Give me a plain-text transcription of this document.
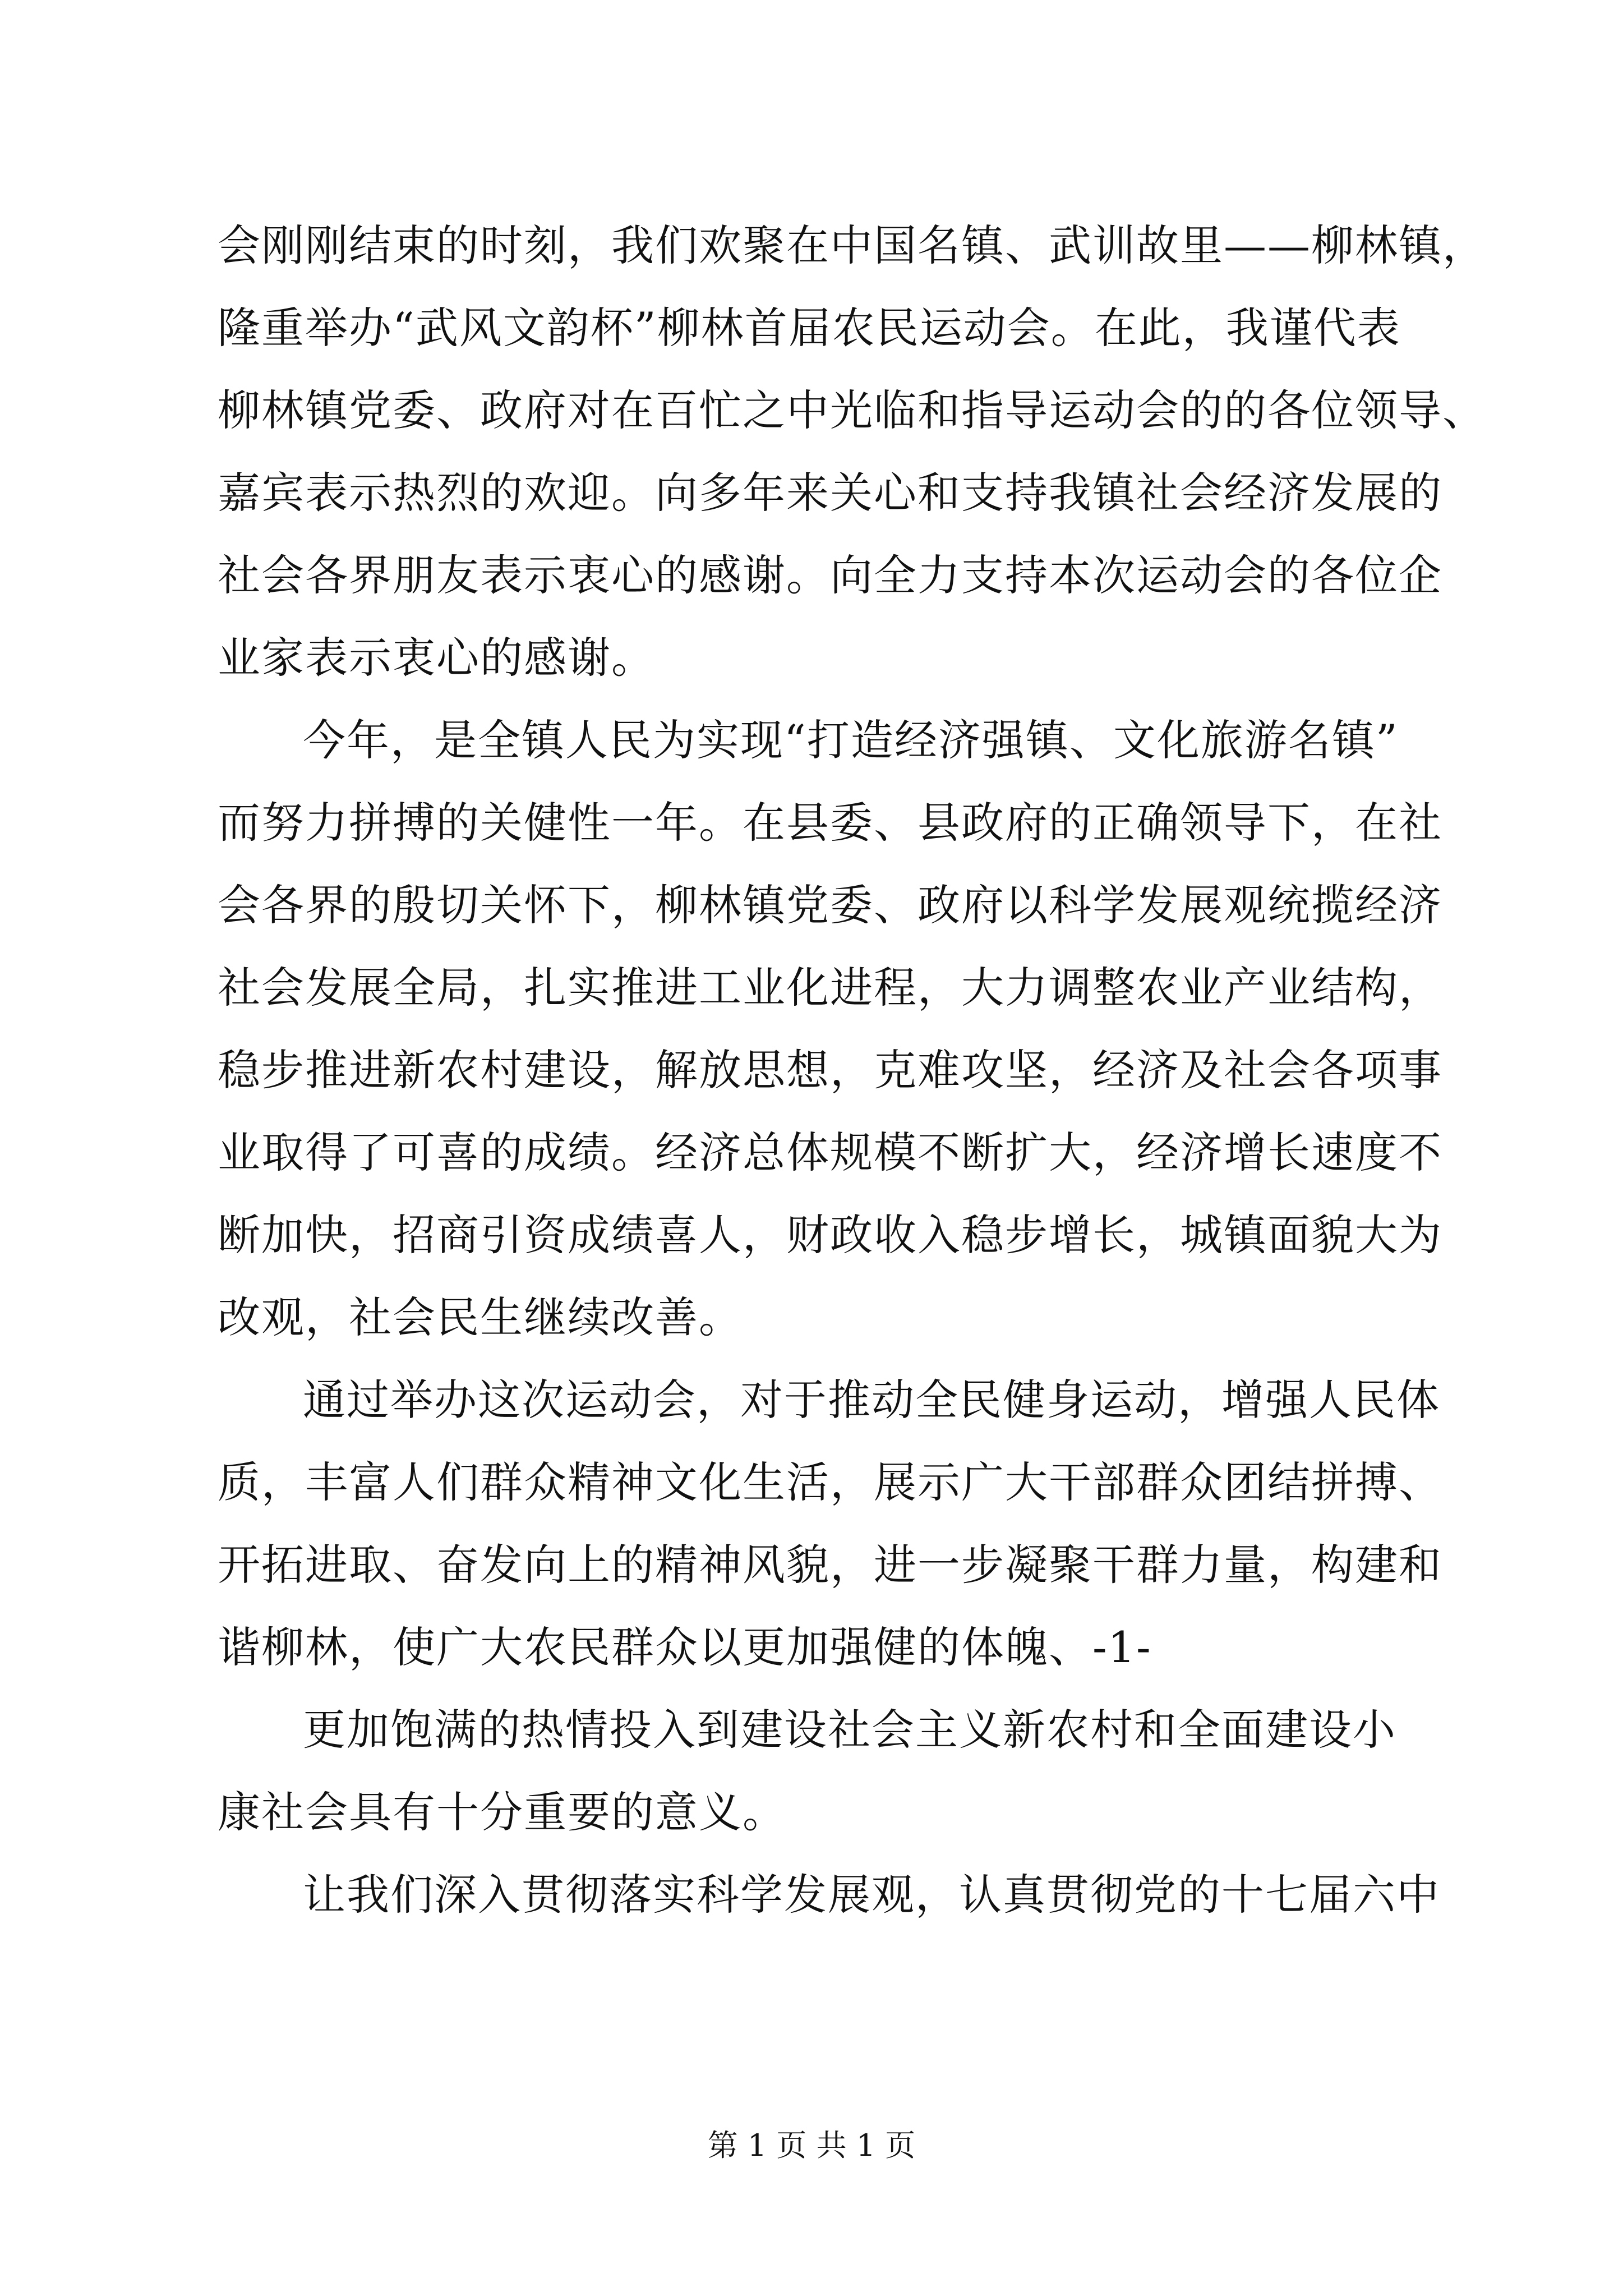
会刚刚结束的时刻，我们欢聚在中国名镇、武训故里——柳林镇，
隆重举办“武风文韵杯”柳林首届农民运动会。在此，我谨代表
柳林镇党委、政府对在百忙之中光临和指导运动会的的各位领导、
嘉宾表示热烈的欢迎。向多年来关心和支持我镇社会经济发展的
社会各界朋友表示衷心的感谢。向全力支持本次运动会的各位企
业家表示衷心的感谢。
今年，是全镇人民为实现“打造经济强镇、文化旅游名镇”
而努力拼搏的关健性一年。在县委、县政府的正确领导下，在社
会各界的殷切关怀下，柳林镇党委、政府以科学发展观统揽经济
社会发展全局，扎实推进工业化进程，大力调整农业产业结构，
稳步推进新农村建设，解放思想，克难攻坚，经济及社会各项事
业取得了可喜的成绩。经济总体规模不断扩大，经济增长速度不
断加快，招商引资成绩喜人，财政收入稳步增长，城镇面貌大为
改观，社会民生继续改善。
通过举办这次运动会，对于推动全民健身运动，增强人民体
质，丰富人们群众精神文化生活，展示广大干部群众团结拼搏、
开拓进取、奋发向上的精神风貌，进一步凝聚干群力量，构建和
谐柳林，使广大农民群众以更加强健的体魄、-1-
更加饱满的热情投入到建设社会主义新农村和全面建设小
康社会具有十分重要的意义。
让我们深入贯彻落实科学发展观，认真贯彻党的十七届六中
第 1 页 共 1 页
